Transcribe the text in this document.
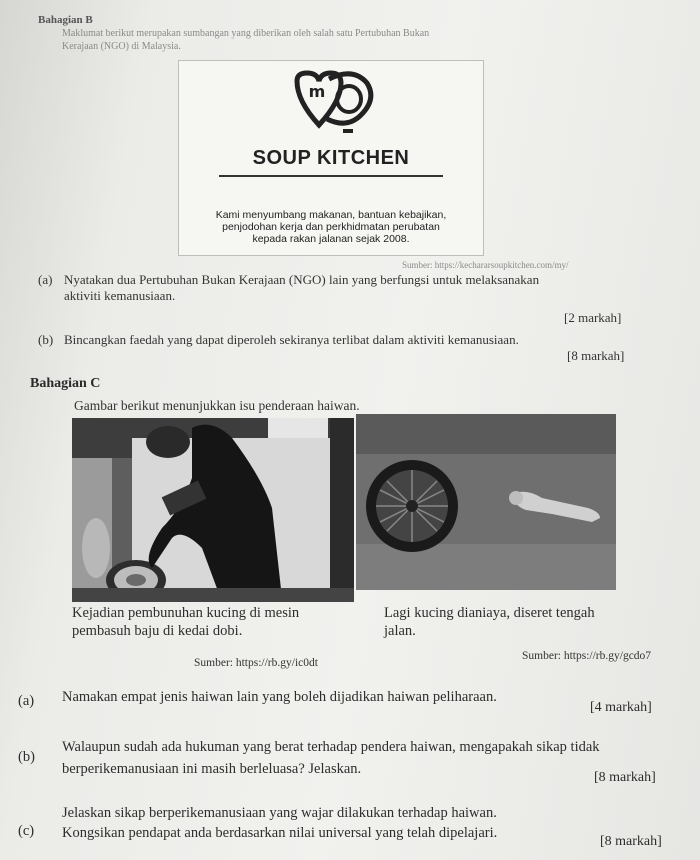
Bahagian B
Maklumat berikut merupakan sumbangan yang diberikan oleh salah satu Pertubuhan Bukan
Kerajaan (NGO) di Malaysia.
m
SOUP KITCHEN
Kami menyumbang makanan, bantuan kebajikan,
penjodohan kerja dan perkhidmatan perubatan
kepada rakan jalanan sejak 2008.
Sumber: https://kechararsoupkitchen.com/my/
(a) Nyatakan dua Pertubuhan Bukan Kerajaan (NGO) lain yang berfungsi untuk melaksanakan
aktiviti kemanusiaan.
[2 markah]
(b) Bincangkan faedah yang dapat diperoleh sekiranya terlibat dalam aktiviti kemanusiaan.
[8 markah]
Bahagian C
Gambar berikut menunjukkan isu penderaan haiwan.
Kejadian pembunuhan kucing di mesin
pembasuh baju di kedai dobi.
Lagi kucing dianiaya, diseret tengah
jalan.
Sumber: https://rb.gy/ic0dt
Sumber: https://rb.gy/gcdo7
(a) Namakan empat jenis haiwan lain yang boleh dijadikan haiwan peliharaan.
[4 markah]
(b)
Walaupun sudah ada hukuman yang berat terhadap pendera haiwan, mengapakah sikap tidak
berperikemanusiaan ini masih berleluasa? Jelaskan.
[8 markah]
(c)
Jelaskan sikap berperikemanusiaan yang wajar dilakukan terhadap haiwan.
Kongsikan pendapat anda berdasarkan nilai universal yang telah dipelajari.
[8 markah]
